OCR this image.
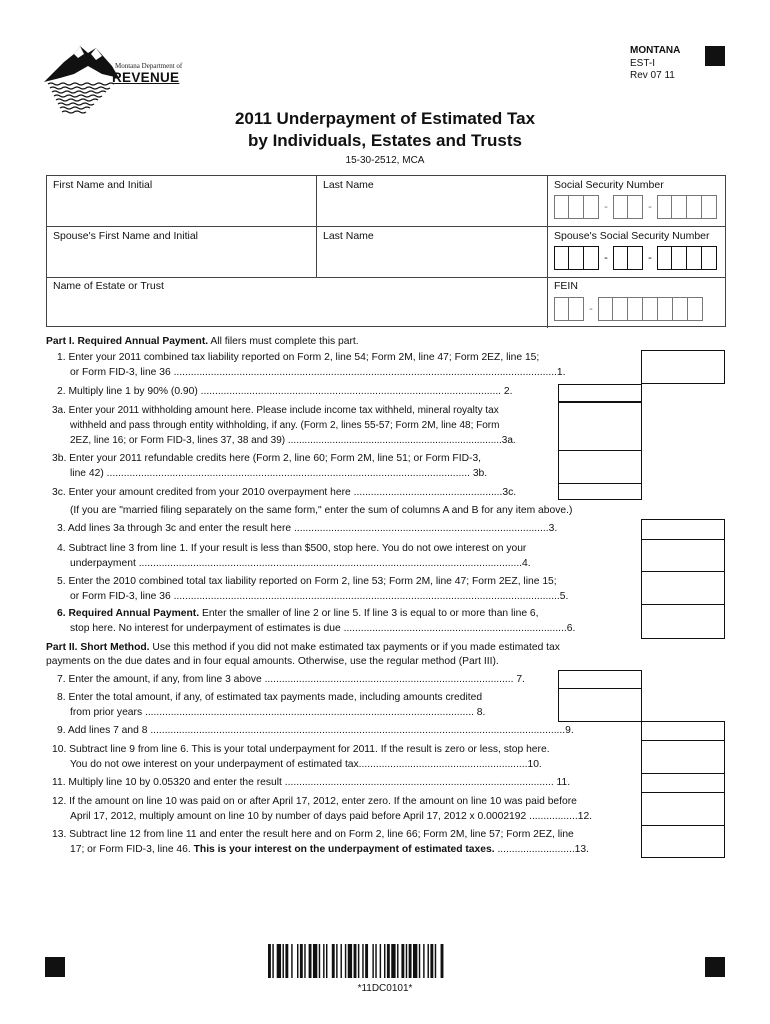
Montana Department of
REVENUE
MONTANA
EST-I
Rev 07 11
2011 Underpayment of Estimated Tax
by Individuals, Estates and Trusts
15-30-2512, MCA
First Name and Initial	Last Name	Social Security Number
Spouse's First Name and Initial	Last Name	Spouse's Social Security Number
Name of Estate or Trust	FEIN
-	-
-	-
-
Part I. Required Annual Payment. All filers must complete this part.
1. Enter your 2011 combined tax liability reported on Form 2, line 54; Form 2M, line 47; Form 2EZ, line 15;
or Form FID-3, line 36 ......................................................................................................................................1.
2. Multiply line 1 by 90% (0.90) ......................................................................................................... 2.
3a. Enter your 2011 withholding amount here. Please include income tax withheld, mineral royalty tax
withheld and pass through entity withholding, if any. (Form 2, lines 55-57; Form 2M, line 48; Form
2EZ, line 16; or Form FID-3, lines 37, 38 and 39) .............................................................................3a.
3b. Enter your 2011 refundable credits here (Form 2, line 60; Form 2M, line 51; or Form FID-3,
line 42) ............................................................................................................................... 3b.
3c. Enter your amount credited from your 2010 overpayment here ....................................................3c.
(If you are "married filing separately on the same form," enter the sum of columns A and B for any item above.)
3. Add lines 3a through 3c and enter the result here .........................................................................................3.
4. Subtract line 3 from line 1. If your result is less than $500, stop here. You do not owe interest on your
underpayment ......................................................................................................................................4.
5. Enter the 2010 combined total tax liability reported on Form 2, line 53; Form 2M, line 47; Form 2EZ, line 15;
or Form FID-3, line 36 .......................................................................................................................................5.
6. Required Annual Payment. Enter the smaller of line 2 or line 5. If line 3 is equal to or more than line 6,
stop here. No interest for underpayment of estimates is due ..............................................................................6.
Part II. Short Method. Use this method if you did not make estimated tax payments or if you made estimated tax
payments on the due dates and in four equal amounts. Otherwise, use the regular method (Part III).
7. Enter the amount, if any, from line 3 above ....................................................................................... 7.
8. Enter the total amount, if any, of estimated tax payments made, including amounts credited
from prior years ................................................................................................................... 8.
9. Add lines 7 and 8 .................................................................................................................................................9.
10. Subtract line 9 from line 6. This is your total underpayment for 2011. If the result is zero or less, stop here.
You do not owe interest on your underpayment of estimated tax...........................................................10.
11. Multiply line 10 by 0.05320 and enter the result .............................................................................................. 11.
12. If the amount on line 10 was paid on or after April 17, 2012, enter zero. If the amount on line 10 was paid before
April 17, 2012, multiply amount on line 10 by number of days paid before April 17, 2012 x 0.0002192 .................12.
13. Subtract line 12 from line 11 and enter the result here and on Form 2, line 66; Form 2M, line 57; Form 2EZ, line
17; or Form FID-3, line 46. This is your interest on the underpayment of estimated taxes. ...........................13.
*11DC0101*
